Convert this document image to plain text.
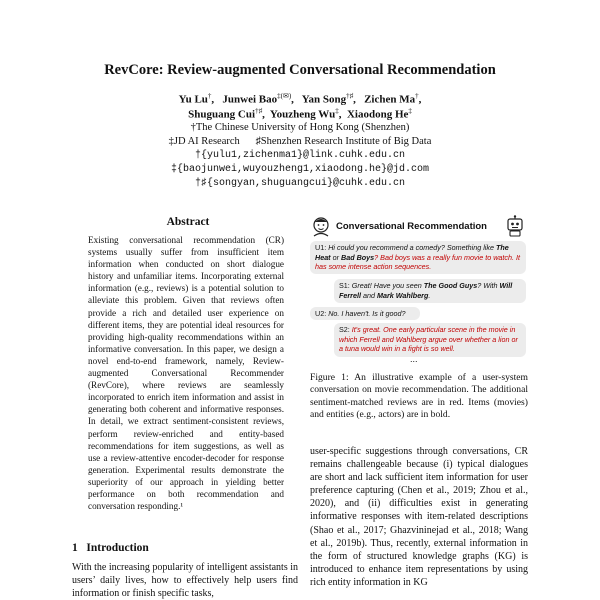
RevCore: Review-augmented Conversational Recommendation
Yu Lu†,   Junwei Bao‡(✉),   Yan Song†♯,   Zichen Ma†,
Shuguang Cui†♯,  Youzheng Wu‡,  Xiaodong He‡
†The Chinese University of Hong Kong (Shenzhen)
‡JD AI Research ♯Shenzhen Research Institute of Big Data
†{yulu1,zichenma1}@link.cuhk.edu.cn
‡{baojunwei,wuyouzheng1,xiaodong.he}@jd.com
†♯{songyan,shuguangcui}@cuhk.edu.cn
Abstract
Existing conversational recommendation (CR) systems usually suffer from insufficient item information when conducted on short dialogue history and unfamiliar items. Incorporating external information (e.g., reviews) is a potential solution to alleviate this problem. Given that reviews often provide a rich and detailed user experience on different items, they are potential ideal resources for providing high-quality recommendations within an informative conversation. In this paper, we design a novel end-to-end framework, namely, Review-augmented Conversational Recommender (RevCore), where reviews are seamlessly incorporated to enrich item information and assist in generating both coherent and informative responses. In detail, we extract sentiment-consistent reviews, perform review-enriched and entity-based recommendations for item suggestions, as well as use a review-attentive encoder-decoder for response generation. Experimental results demonstrate the superiority of our approach in yielding better performance on both recommendation and conversation responding.¹
1 Introduction
With the increasing popularity of intelligent assistants in users’ daily lives, how to effectively help users find information or finish specific tasks,
Conversational Recommendation
U1: Hi could you recommend a comedy? Something like The Heat or Bad Boys? Bad boys was a really fun movie to watch. It has some intense action sequences.
S1: Great! Have you seen The Good Guys? With Will Ferrell and Mark Wahlberg.
U2: No. I haven't. Is it good?
S2: It's great. One early particular scene in the movie in which Ferrell and Wahlberg argue over whether a lion or a tuna would win in a fight is so well.
...
Figure 1: An illustrative example of a user-system conversation on movie recommendation. The additional sentiment-matched reviews are in red. Items (movies) and entities (e.g., actors) are in bold.
user-specific suggestions through conversations, CR remains challengeable because (i) typical dialogues are short and lack sufficient item information for user preference capturing (Chen et al., 2019; Zhou et al., 2020), and (ii) difficulties exist in generating informative responses with item-related descriptions (Shao et al., 2017; Ghazvininejad et al., 2018; Wang et al., 2019b). Thus, recently, external information in the form of structured knowledge graphs (KG) is introduced to enhance item representations by using rich entity information in KG
